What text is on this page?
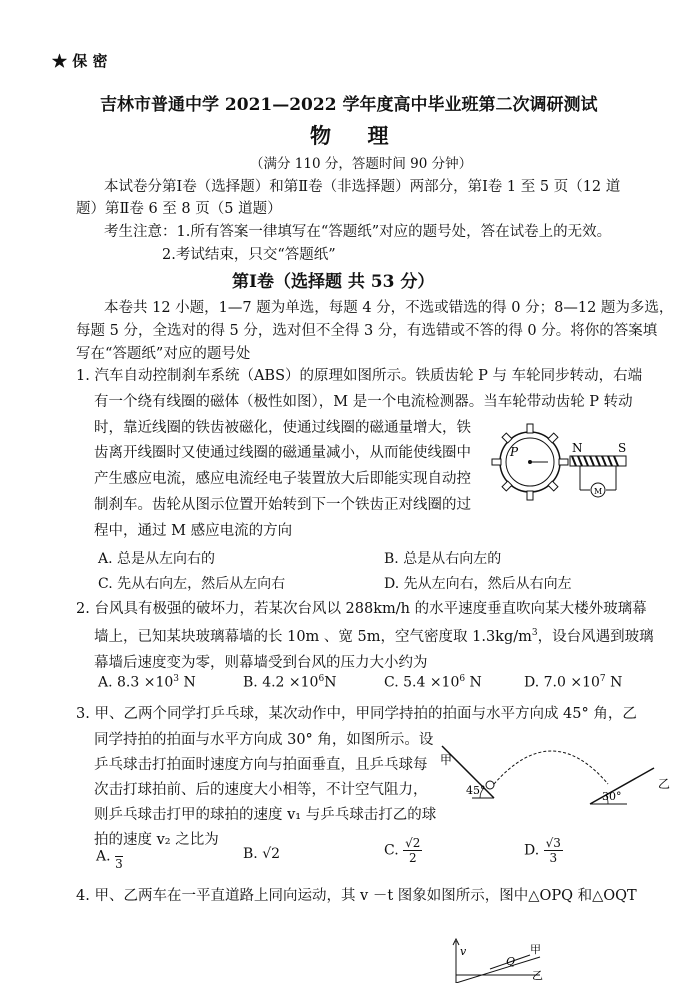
★ 保 密
吉林市普通中学 2021—2022 学年度高中毕业班第二次调研测试
物     理
（满分 110 分，答题时间 90 分钟）
本试卷分第Ⅰ卷（选择题）和第Ⅱ卷（非选择题）两部分，第Ⅰ卷 1 至 5 页（12 道
题）第Ⅱ卷 6 至 8 页（5 道题）
考生注意：1.所有答案一律填写在“答题纸”对应的题号处，答在试卷上的无效。
2.考试结束，只交“答题纸”
第Ⅰ卷（选择题 共 53 分）
本卷共 12 小题，1—7 题为单选，每题 4 分，不选或错选的得 0 分；8—12 题为多选，
每题 5 分，全选对的得 5 分，选对但不全得 3 分，有选错或不答的得 0 分。将你的答案填
写在“答题纸”对应的题号处
1. 汽车自动控制刹车系统（ABS）的原理如图所示。铁质齿轮 P 与 车轮同步转动，右端
有一个绕有线圈的磁体（极性如图），M 是一个电流检测器。当车轮带动齿轮 P 转动
时，靠近线圈的铁齿被磁化，使通过线圈的磁通量增大，铁
齿离开线圈时又使通过线圈的磁通量减小，从而能使线圈中
产生感应电流，感应电流经电子装置放大后即能实现自动控
制刹车。齿轮从图示位置开始转到下一个铁齿正对线圈的过
程中，通过 M 感应电流的方向
P	N	S
M
A. 总是从左向右的	B. 总是从右向左的
C. 先从右向左，然后从左向右	D. 先从左向右，然后从右向左
2. 台风具有极强的破坏力，若某次台风以 288km/h 的水平速度垂直吹向某大楼外玻璃幕
墙上，已知某块玻璃幕墙的长 10m 、宽 5m，空气密度取 $1.3kg/m^3$，设台风遇到玻璃
幕墙后速度变为零，则幕墙受到台风的压力大小约为
A. $8.3 \times 10^3$ N	B. $4.2 \times 10^6N$	C. $5.4 \times 10^6$ N	D. $7.0 \times 10^7$ N
3. 甲、乙两个同学打乒乓球，某次动作中，甲同学持拍的拍面与水平方向成 45° 角，乙
同学持拍的拍面与水平方向成 30° 角，如图所示。设
乒乓球击打拍面时速度方向与拍面垂直，且乒乓球每
次击打球拍前、后的速度大小相等，不计空气阻力，
则乒乓球击打甲的球拍的速度 v₁ 与乒乓球击打乙的球
拍的速度 v₂ 之比为
甲
45°	乙
30°
A.
3
B. √2	C. $\frac{√2}{2}$	D. $\frac{√3}{3}$
4. 甲、乙两车在一平直道路上同向运动，其 v －t 图象如图所示，图中△OPQ 和△OQT
v
Q
甲
乙
